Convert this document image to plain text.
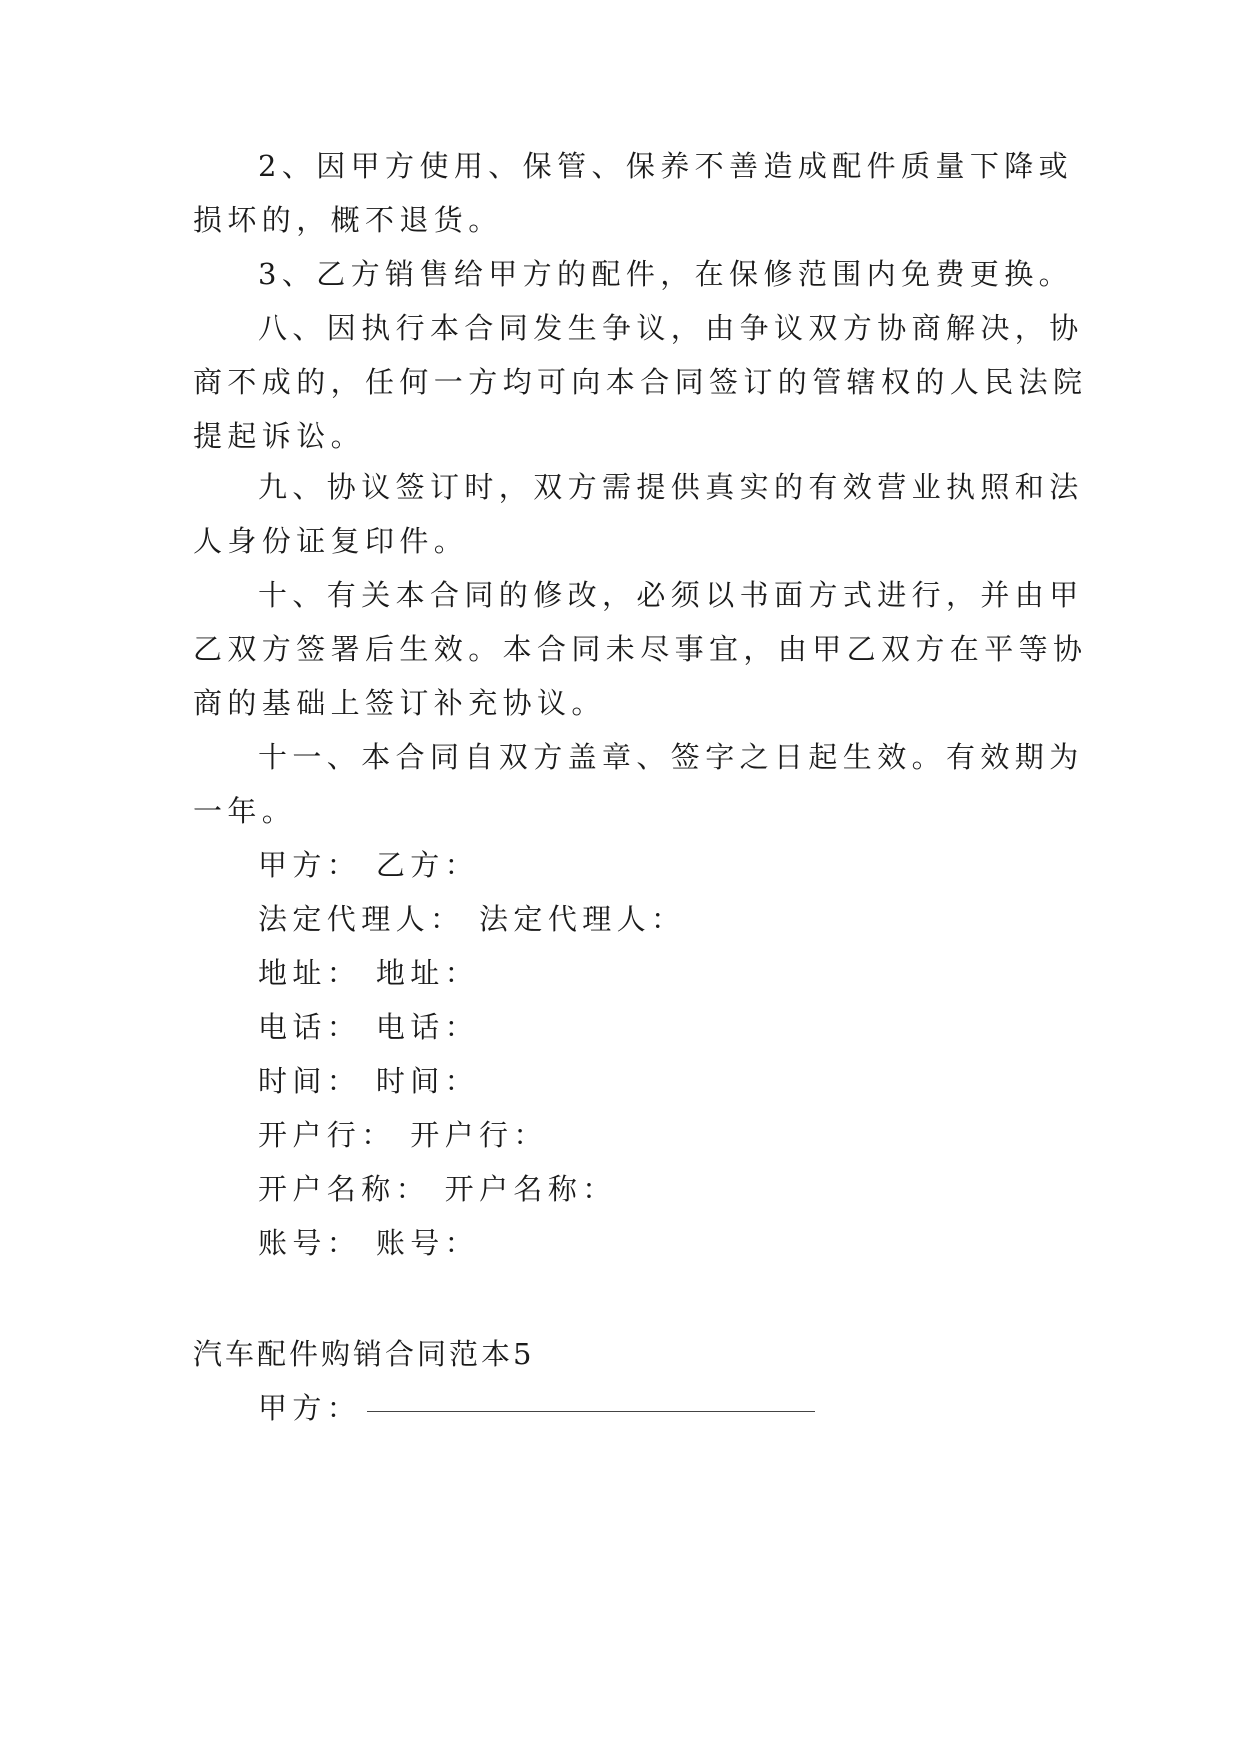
2、因甲方使用、保管、保养不善造成配件质量下降或
损坏的，概不退货。
3、乙方销售给甲方的配件，在保修范围内免费更换。
八、因执行本合同发生争议，由争议双方协商解决，协
商不成的，任何一方均可向本合同签订的管辖权的人民法院
提起诉讼。
九、协议签订时，双方需提供真实的有效营业执照和法
人身份证复印件。
十、有关本合同的修改，必须以书面方式进行，并由甲
乙双方签署后生效。本合同未尽事宜，由甲乙双方在平等协
商的基础上签订补充协议。
十一、本合同自双方盖章、签字之日起生效。有效期为
一年。
甲方： 乙方：
法定代理人： 法定代理人：
地址： 地址：
电话： 电话：
时间： 时间：
开户行： 开户行：
开户名称： 开户名称：
账号： 账号：
汽车配件购销合同范本5
甲方：
